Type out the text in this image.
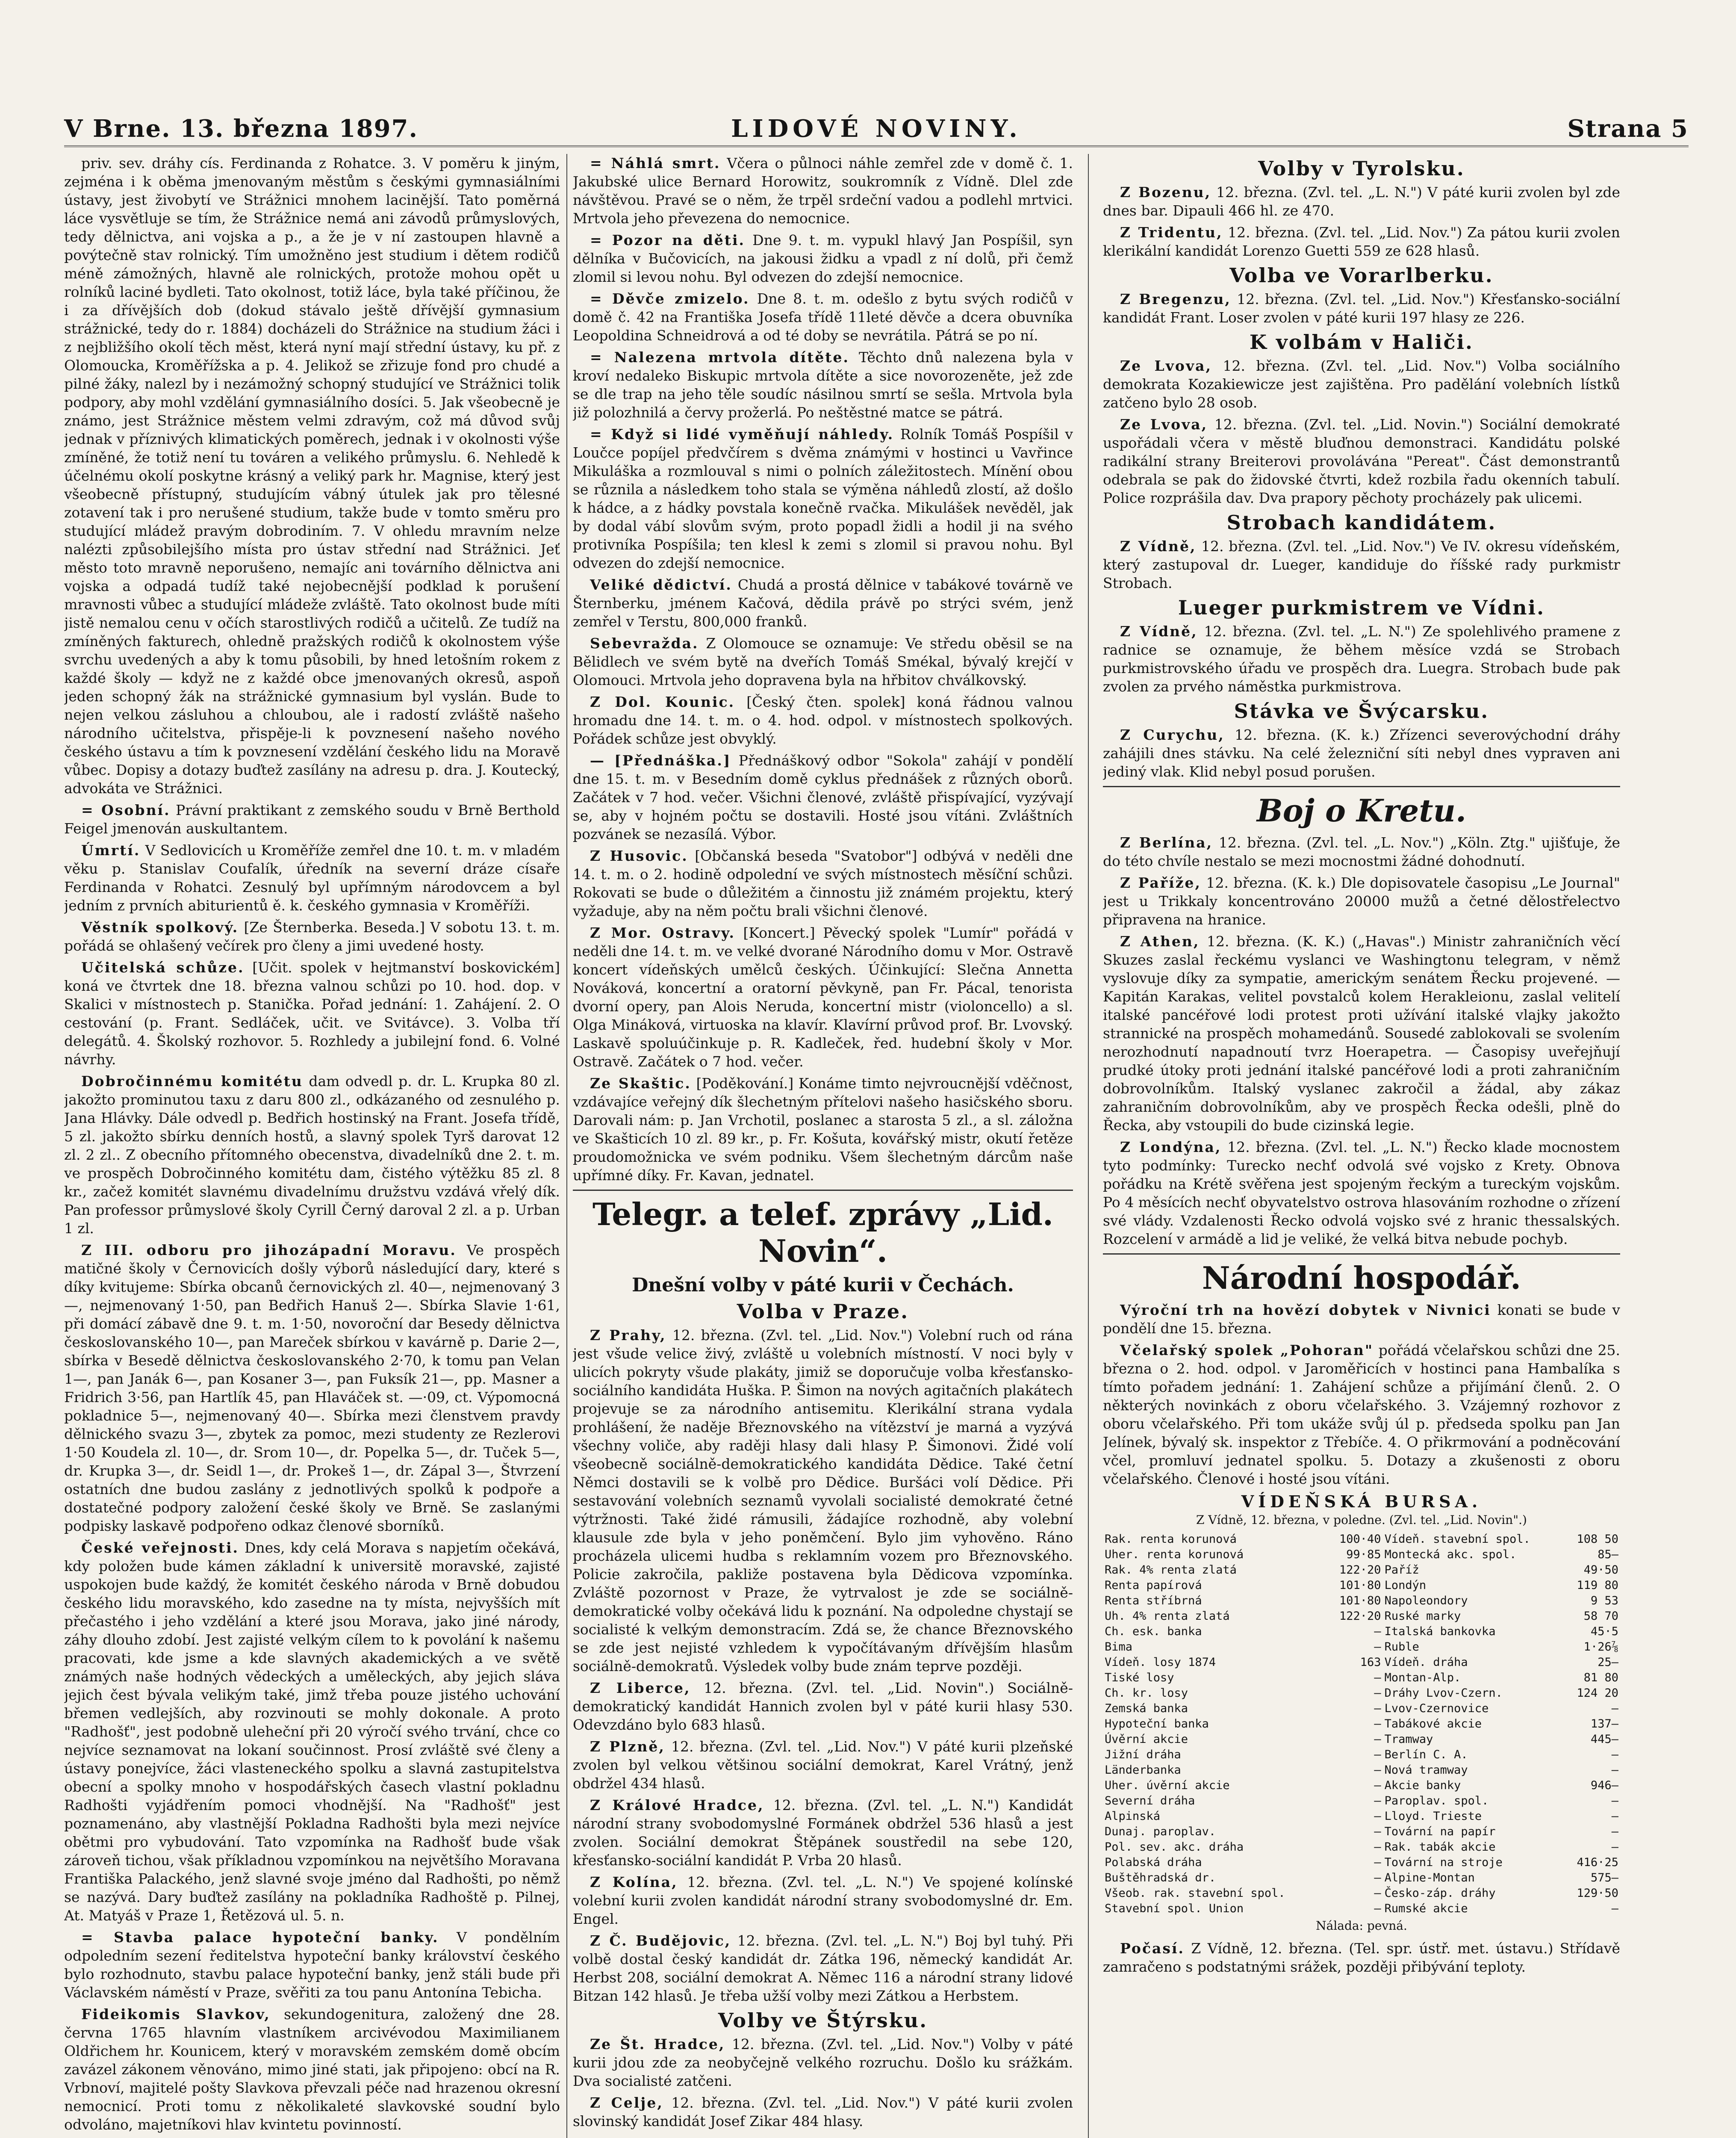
V Brne. 13. března 1897.	LIDOVÉ NOVINY.	Strana 5

priv. sev. dráhy cís. Ferdinanda z Rohatce. 3. V poměru k jiným, zejména i k oběma jmenovaným městům s českými gymnasiálními ústavy, jest živobytí ve Strážnici mnohem lacinější. Tato poměrná láce vysvětluje se tím, že Strážnice nemá ani závodů průmyslových, tedy dělnictva, ani vojska a p., a že je v ní zastoupen hlavně a povýtečně stav rolnický. Tím umožněno jest studium i dětem rodičů méně zámožných, hlavně ale rolnických, protože mohou opět u rolníků laciné bydleti. Tato okolnost, totiž láce, byla také příčinou, že i za dřívějších dob (dokud stávalo ještě dřívější gymnasium strážnické, tedy do r. 1884) docházeli do Strážnice na studium žáci i z nejbližšího okolí těch měst, která nyní mají střední ústavy, ku př. z Olomoucka, Kroměřížska a p. 4. Jelikož se zřizuje fond pro chudé a pilné žáky, nalezl by i nezámožný schopný studující ve Strážnici tolik podpory, aby mohl vzdělání gymnasiálního dosíci. 5. Jak všeobecně je známo, jest Strážnice městem velmi zdravým, což má důvod svůj jednak v příznivých klimatických poměrech, jednak i v okolnosti výše zmíněné, že totiž není tu továren a velikého průmyslu. 6. Nehledě k účelnému okolí poskytne krásný a veliký park hr. Magnise, který jest všeobecně přístupný, studujícím vábný útulek jak pro tělesné zotavení tak i pro nerušené studium, takže bude v tomto směru pro studující mládež pravým dobrodiním. 7. V ohledu mravním nelze nalézti způsobilejšího místa pro ústav střední nad Strážnici. Jeť město toto mravně neporušeno, nemajíc ani továrního dělnictva ani vojska a odpadá tudíž také nejobecnější podklad k porušení mravnosti vůbec a studující mládeže zvláště. Tato okolnost bude míti jistě nemalou cenu v očích starostlivých rodičů a učitelů. Ze tudíž na zmíněných fakturech, ohledně pražských rodičů k okolnostem výše svrchu uvedených a aby k tomu působili, by hned letošním rokem z každé školy — když ne z každé obce jmenovaných okresů, aspoň jeden schopný žák na strážnické gymnasium byl vyslán. Bude to nejen velkou zásluhou a chloubou, ale i radostí zvláště našeho národního učitelstva, přispěje-li k povznesení našeho nového českého ústavu a tím k povznesení vzdělání českého lidu na Moravě vůbec. Dopisy a dotazy buďtež zasílány na adresu p. dra. J. Koutecký, advokáta ve Strážnici.

= Osobní. Právní praktikant z zemského soudu v Brně Berthold Feigel jmenován auskultantem.

Úmrtí. V Sedlovicích u Kroměříže zemřel dne 10. t. m. v mladém věku p. Stanislav Coufalík, úředník na severní dráze císaře Ferdinanda v Rohatci. Zesnulý byl upřímným národovcem a byl jedním z prvních abiturientů ě. k. českého gymnasia v Kroměříži.

Věstník spolkový. [Ze Šternberka. Beseda.] V sobotu 13. t. m. pořádá se ohlašený večírek pro členy a jimi uvedené hosty.

Učitelská schůze. [Učit. spolek v hejtmanství boskovickém] koná ve čtvrtek dne 18. března valnou schůzi po 10. hod. dop. v Skalici v místnostech p. Stanička. Pořad jednání: 1. Zahájení. 2. O cestování (p. Frant. Sedláček, učit. ve Svitávce). 3. Volba tří delegátů. 4. Školský rozhovor. 5. Rozhledy a jubilejní fond. 6. Volné návrhy.

Dobročinnému komitétu dam odvedl p. dr. L. Krupka 80 zl. jakožto prominutou taxu z daru 800 zl., odkázaného od zesnulého p. Jana Hlávky. Dále odvedl p. Bedřich hostinský na Frant. Josefa třídě, 5 zl. jakožto sbírku denních hostů, a slavný spolek Tyrš darovat 12 zl. 2 zl.. Z obecního přítomného obecenstva, divadelníků dne 2. t. m. ve prospěch Dobročinného komitétu dam, čistého výtěžku 85 zl. 8 kr., začež komitét slavnému divadelnímu družstvu vzdává vřelý dík. Pan professor průmyslové školy Cyrill Černý daroval 2 zl. a p. Urban 1 zl.

Z III. odboru pro jihozápadní Moravu. Ve prospěch matičné školy v Černovicích došly výborů následující dary, které s díky kvitujeme: Sbírka obcanů černovických zl. 40—, nejmenovaný 3—, nejmenovaný 1·50, pan Bedřich Hanuš 2—. Sbírka Slavie 1·61, při domácí zábavě dne 9. t. m. 1·50, novoroční dar Besedy dělnictva českoslovanského 10—, pan Mareček sbírkou v kavárně p. Darie 2—, sbírka v Besedě dělnictva českoslovanského 2·70, k tomu pan Velan 1—, pan Janák 6—, pan Kosaner 3—, pan Fuksík 21—, pp. Masner a Fridrich 3·56, pan Hartlík 45, pan Hlaváček st. —·09, ct. Výpomocná pokladnice 5—, nejmenovaný 40—. Sbírka mezi členstvem pravdy dělnického svazu 3—, zbytek za pomoc, mezi studenty ze Rezlerovi 1·50 Koudela zl. 10—, dr. Srom 10—, dr. Popelka 5—, dr. Tuček 5—, dr. Krupka 3—, dr. Seidl 1—, dr. Prokeš 1—, dr. Zápal 3—, Štvrzení ostatních dne budou zaslány z jednotlivých spolků k podpoře a dostatečné podpory založení české školy ve Brně. Se zaslanými podpisky laskavě podpořeno odkaz členové sborníků.

České veřejnosti. Dnes, kdy celá Morava s napjetím očekává, kdy položen bude kámen základní k universitě moravské, zajisté uspokojen bude každý, že komitét českého národa v Brně dobudou českého lidu moravského, kdo zasedne na ty místa, nejvyšších mít přečastého i jeho vzdělání a které jsou Morava, jako jiné národy, záhy dlouho zdobí. Jest zajisté velkým cílem to k povolání k našemu pracovati, kde jsme a kde slavných akademických a ve světě známých naše hodných vědeckých a uměleckých, aby jejich sláva jejich čest bývala velikým také, jimž třeba pouze jistého uchování břemen vedlejších, aby rozvinouti se mohly dokonale. A proto "Radhošť", jest podobně uleheční při 20 výročí svého trvání, chce co nejvíce seznamovat na lokaní součinnost. Prosí zvláště své členy a ústavy ponejvíce, žáci vlasteneckého spolku a slavná zastupitelstva obecní a spolky mnoho v hospodářských časech vlastní pokladnu Radhošti vyjádřením pomoci vhodnější. Na "Radhošť" jest poznamenáno, aby vlastnější Pokladna Radhošti byla mezi nejvíce obětmi pro vybudování. Tato vzpomínka na Radhošť bude však zároveň tichou, však příkladnou vzpomínkou na největšího Moravana Františka Palackého, jenž slavné svoje jméno dal Radhošti, po němž se nazývá. Dary buďtež zasílány na pokladníka Radhoště p. Pilnej, At. Matyáš v Praze 1, Řetězová ul. 5. n.

= Stavba palace hypoteční banky. V pondělním odpoledním sezení ředitelstva hypoteční banky království českého bylo rozhodnuto, stavbu palace hypoteční banky, jenž stáli bude při Václavském náměstí v Praze, svěřiti za tou panu Antonína Tebicha.

Fideikomis Slavkov, sekundogenitura, založený dne 28. června 1765 hlavním vlastníkem arcivévodou Maximilianem Oldřichem hr. Kounicem, který v moravském zemském domě obcím zavázel zákonem věnováno, mimo jiné stati, jak připojeno: obcí na R. Vrbnoví, majitelé pošty Slavkova převzali péče nad hrazenou okresní nemocnicí. Proti tomu z několikaleté slavkovské soudní bylo odvoláno, majetníkovi hlav kvintetu povinností.

= Náhlá smrt. Včera o půlnoci náhle zemřel zde v domě č. 1. Jakubské ulice Bernard Horowitz, soukromník z Vídně. Dlel zde návštěvou. Pravé se o něm, že trpěl srdeční vadou a podlehl mrtvici. Mrtvola jeho převezena do nemocnice.

= Pozor na děti. Dne 9. t. m. vypukl hlavý Jan Pospíšil, syn dělníka v Bučovicích, na jakousi židku a vpadl z ní dolů, při čemž zlomil si levou nohu. Byl odvezen do zdejší nemocnice.

= Děvče zmizelo. Dne 8. t. m. odešlo z bytu svých rodičů v domě č. 42 na Františka Josefa třídě 11leté děvče a dcera obuvníka Leopoldina Schneidrová a od té doby se nevrátila. Pátrá se po ní.

= Nalezena mrtvola dítěte. Těchto dnů nalezena byla v kroví nedaleko Biskupic mrtvola dítěte a sice novorozeněte, jež zde se dle trap na jeho těle soudíc násilnou smrtí se sešla. Mrtvola byla již polozhnilá a červy prožerlá. Po neštěstné matce se pátrá.

= Když si lidé vyměňují náhledy. Rolník Tomáš Pospíšil v Loučce popíjel předvčírem s dvěma známými v hostinci u Vavřince Mikuláška a rozmlouval s nimi o polních záležitostech. Mínění obou se různila a následkem toho stala se výměna náhledů zlostí, až došlo k hádce, a z hádky povstala konečně rvačka. Mikulášek nevěděl, jak by dodal vábí slovům svým, proto popadl židli a hodil ji na svého protivníka Pospíšila; ten klesl k zemi s zlomil si pravou nohu. Byl odvezen do zdejší nemocnice.

Veliké dědictví. Chudá a prostá dělnice v tabákové továrně ve Šternberku, jménem Kačová, dědila právě po strýci svém, jenž zemřel v Terstu, 800,000 franků.

Sebevražda. Z Olomouce se oznamuje: Ve středu oběsil se na Bělidlech ve svém bytě na dveřích Tomáš Smékal, bývalý krejčí v Olomouci. Mrtvola jeho dopravena byla na hřbitov chválkovský.

Z Dol. Kounic. [Český čten. spolek] koná řádnou valnou hromadu dne 14. t. m. o 4. hod. odpol. v místnostech spolkových. Pořádek schůze jest obvyklý.

— [Přednáška.] Přednáškový odbor "Sokola" zahájí v pondělí dne 15. t. m. v Besedním domě cyklus přednášek z různých oborů. Začátek v 7 hod. večer. Všichni členové, zvláště přispívající, vyzývají se, aby v hojném počtu se dostavili. Hosté jsou vítáni. Zvláštních pozvánek se nezasílá. Výbor.

Z Husovic. [Občanská beseda "Svatobor"] odbývá v neděli dne 14. t. m. o 2. hodině odpolední ve svých místnostech měsíční schůzi. Rokovati se bude o důležitém a činnostu již známém projektu, který vyžaduje, aby na něm počtu brali všichni členové.

Z Mor. Ostravy. [Koncert.] Pěvecký spolek "Lumír" pořádá v neděli dne 14. t. m. ve velké dvorané Národního domu v Mor. Ostravě koncert vídeňských umělců českých. Účinkující: Slečna Annetta Nováková, koncertní a oratorní pěvkyně, pan Fr. Pácal, tenorista dvorní opery, pan Alois Neruda, koncertní mistr (violoncello) a sl. Olga Mináková, virtuoska na klavír. Klavírní průvod prof. Br. Lvovský. Laskavě spoluúčinkuje p. R. Kadleček, řed. hudební školy v Mor. Ostravě. Začátek o 7 hod. večer.

Ze Skaštic. [Poděkování.] Konáme timto nejvroucnější vděčnost, vzdávajíce veřejný dík šlechetným přítelovi našeho hasičského sboru. Darovali nám: p. Jan Vrchotil, poslanec a starosta 5 zl., a sl. záložna ve Skašticích 10 zl. 89 kr., p. Fr. Košuta, kovářský mistr, okutí řetěze proudomožnicka ve svém podniku. Všem šlechetným dárcům naše upřímné díky. Fr. Kavan, jednatel.

Telegr. a telef. zprávy „Lid. Novin“.
Dnešní volby v páté kurii v Čechách.
Volba v Praze.

Z Prahy, 12. března. (Zvl. tel. „Lid. Nov.") Volební ruch od rána jest všude velice živý, zvláště u volebních místností. V noci byly v ulicích pokryty všude plakáty, jimiž se doporučuje volba křesťansko-sociálního kandidáta Huška. P. Šimon na nových agitačních plakátech projevuje se za národního antisemitu. Klerikální strana vydala prohlášení, že naděje Březnovského na vítězství je marná a vyzývá všechny voliče, aby raději hlasy dali hlasy P. Šimonovi. Židé volí všeobecně sociálně-demokratického kandidáta Dědice. Také četní Němci dostavili se k volbě pro Dědice. Buršáci volí Dědice. Při sestavování volebních seznamů vyvolali socialisté demokraté četné výtržnosti. Také židé rámusili, žádajíce rozhodně, aby volební klausule zde byla v jeho poněmčení. Bylo jim vyhověno. Ráno procházela ulicemi hudba s reklamním vozem pro Březnovského. Policie zakročila, pakliže postavena byla Dědicova vzpomínka. Zvláště pozornost v Praze, že vytrvalost je zde se sociálně-demokratické volby očekává lidu k poznání. Na odpoledne chystají se socialisté k velkým demonstracím. Zdá se, že chance Březnovského se zde jest nejisté vzhledem k vypočítávaným dřívějším hlasům sociálně-demokratů. Výsledek volby bude znám teprve později.

Z Liberce, 12. března. (Zvl. tel. „Lid. Novin".) Sociálně-demokratický kandidát Hannich zvolen byl v páté kurii hlasy 530. Odevzdáno bylo 683 hlasů.

Z Plzně, 12. března. (Zvl. tel. „Lid. Nov.") V páté kurii plzeňské zvolen byl velkou většinou sociální demokrat, Karel Vrátný, jenž obdržel 434 hlasů.

Z Králové Hradce, 12. března. (Zvl. tel. „L. N.") Kandidát národní strany svobodomyslné Formánek obdržel 536 hlasů a jest zvolen. Sociální demokrat Štěpánek soustředil na sebe 120, křesťansko-sociální kandidát P. Vrba 20 hlasů.

Z Kolína, 12. března. (Zvl. tel. „L. N.") Ve spojené kolínské volební kurii zvolen kandidát národní strany svobodomyslné dr. Em. Engel.

Z Č. Budějovic, 12. března. (Zvl. tel. „L. N.") Boj byl tuhý. Při volbě dostal český kandidát dr. Zátka 196, německý kandidát Ar. Herbst 208, sociální demokrat A. Němec 116 a národní strany lidové Bitzan 142 hlasů. Je třeba užší volby mezi Zátkou a Herbstem.

Volby ve Štýrsku.

Ze Št. Hradce, 12. března. (Zvl. tel. „Lid. Nov.") Volby v páté kurii jdou zde za neobyčejně velkého rozruchu. Došlo ku srážkám. Dva socialisté zatčeni.

Z Celje, 12. března. (Zvl. tel. „Lid. Nov.") V páté kurii zvolen slovinský kandidát Josef Zikar 484 hlasy.

Volby v Tyrolsku.

Z Bozenu, 12. března. (Zvl. tel. „L. N.") V páté kurii zvolen byl zde dnes bar. Dipauli 466 hl. ze 470.

Z Tridentu, 12. března. (Zvl. tel. „Lid. Nov.") Za pátou kurii zvolen klerikální kandidát Lorenzo Guetti 559 ze 628 hlasů.

Volba ve Vorarlberku.

Z Bregenzu, 12. března. (Zvl. tel. „Lid. Nov.") Křesťansko-sociální kandidát Frant. Loser zvolen v páté kurii 197 hlasy ze 226.

K volbám v Haliči.

Ze Lvova, 12. března. (Zvl. tel. „Lid. Nov.") Volba sociálního demokrata Kozakiewicze jest zajištěna. Pro padělání volebních lístků zatčeno bylo 28 osob.

Ze Lvova, 12. března. (Zvl. tel. „Lid. Novin.") Sociální demokraté uspořádali včera v městě bluďnou demonstraci. Kandidátu polské radikální strany Breiterovi provolávána "Pereat". Část demonstrantů odebrala se pak do židovské čtvrti, kdež rozbila řadu okenních tabulí. Police rozprášila dav. Dva prapory pěchoty procházely pak ulicemi.

Strobach kandidátem.

Z Vídně, 12. března. (Zvl. tel. „Lid. Nov.") Ve IV. okresu vídeňském, který zastupoval dr. Lueger, kandiduje do říšské rady purkmistr Strobach.

Lueger purkmistrem ve Vídni.

Z Vídně, 12. března. (Zvl. tel. „L. N.") Ze spolehlivého pramene z radnice se oznamuje, že během měsíce vzdá se Strobach purkmistrovského úřadu ve prospěch dra. Luegra. Strobach bude pak zvolen za prvého náměstka purkmistrova.

Stávka ve Švýcarsku.

Z Curychu, 12. března. (K. k.) Zřízenci severovýchodní dráhy zahájili dnes stávku. Na celé železniční síti nebyl dnes vypraven ani jediný vlak. Klid nebyl posud porušen.

Boj o Kretu.

Z Berlína, 12. března. (Zvl. tel. „L. Nov.") „Köln. Ztg." ujišťuje, že do této chvíle nestalo se mezi mocnostmi žádné dohodnutí.

Z Paříže, 12. března. (K. k.) Dle dopisovatele časopisu „Le Journal" jest u Trikkaly koncentrováno 20000 mužů a četné dělostřelectvo připravena na hranice.

Z Athen, 12. března. (K. K.) („Havas".) Ministr zahraničních věcí Skuzes zaslal řeckému vyslanci ve Washingtonu telegram, v němž vyslovuje díky za sympatie, americkým senátem Řecku projevené. — Kapitán Karakas, velitel povstalců kolem Herakleionu, zaslal velitelí italské pancéřové lodi protest proti užívání italské vlajky jakožto strannické na prospěch mohamedánů. Sousedé zablokovali se svolením nerozhodnutí napadnoutí tvrz Hoerapetra. — Časopisy uveřejňují prudké útoky proti jednání italské pancéřové lodi a proti zahraničním dobrovolníkům. Italský vyslanec zakročil a žádal, aby zákaz zahraničním dobrovolníkům, aby ve prospěch Řecka odešli, plně do Řecka, aby vstoupili do bude cizinská legie.

Z Londýna, 12. března. (Zvl. tel. „L. N.") Řecko klade mocnostem tyto podmínky: Turecko nechť odvolá své vojsko z Krety. Obnova pořádku na Krétě svěřena jest spojeným řeckým a tureckým vojskům. Po 4 měsících nechť obyvatelstvo ostrova hlasováním rozhodne o zřízení své vlády. Vzdalenosti Řecko odvolá vojsko své z hranic thessalských. Rozcelení v armádě a lid je veliké, že velká bitva nebude pochyb.

Národní hospodář.

Výroční trh na hovězí dobytek v Nivnici konati se bude v pondělí dne 15. března.

Včelařský spolek „Pohoran" pořádá včelařskou schůzi dne 25. března o 2. hod. odpol. v Jaroměřicích v hostinci pana Hambalíka s tímto pořadem jednání: 1. Zahájení schůze a přijímání členů. 2. O některých novinkách z oboru včelařského. 3. Vzájemný rozhovor z oboru včelařského. Při tom ukáže svůj úl p. předseda spolku pan Jan Jelínek, bývalý sk. inspektor z Třebíče. 4. O přikrmování a podněcování včel, promluví jednatel spolku. 5. Dotazy a zkušenosti z oboru včelařského. Členové i hosté jsou vítáni.

VÍDEŇSKÁ BURSA.
Z Vídně, 12. března, v poledne. (Zvl. tel. „Lid. Novin".)
Rak. renta korunová	100·40	Vídeň. stavební spol.	108 50
Uher. renta korunová	99·85	Montecká akc. spol.	85—
Rak. 4% renta zlatá	122·20	Paříž	49·50
Renta papírová	101·80	Londýn	119 80
Renta stříbrná	101·80	Napoleondory	9 53
Uh. 4% renta zlatá	122·20	Ruské marky	58 70
Ch. esk. banka	—	Italská bankovka	45·5
Bima	—	Ruble	1·26⅞
Vídeň. losy 1874	163	Vídeň. dráha	25—
Tiské losy	—	Montan-Alp.	81 80
Ch. kr. losy	—	Dráhy Lvov-Czern.	124 20
Zemská banka	—	Lvov-Czernovice	—
Hypoteční banka	—	Tabákové akcie	137—
Úvěrní akcie	—	Tramway	445—
Jižní dráha	—	Berlín C. A.	—
Länderbanka	—	Nová tramway	—
Uher. úvěrní akcie	—	Akcie banky	946—
Severní dráha	—	Paroplav. spol.	—
Alpinská	—	Lloyd. Trieste	—
Dunaj. paroplav.	—	Tovární na papír	—
Pol. sev. akc. dráha	—	Rak. tabák akcie	—
Polabská dráha	—	Tovární na stroje	416·25
Buštěhradská dr.	—	Alpine-Montan	575—
Všeob. rak. stavební spol.	—	Česko-záp. dráhy	129·50
Stavební spol. Union	—	Rumské akcie	—
Nálada: pevná.

Počasí. Z Vídně, 12. března. (Tel. spr. ústř. met. ústavu.) Střídavě zamračeno s podstatnými srážek, později přibývání teploty.
